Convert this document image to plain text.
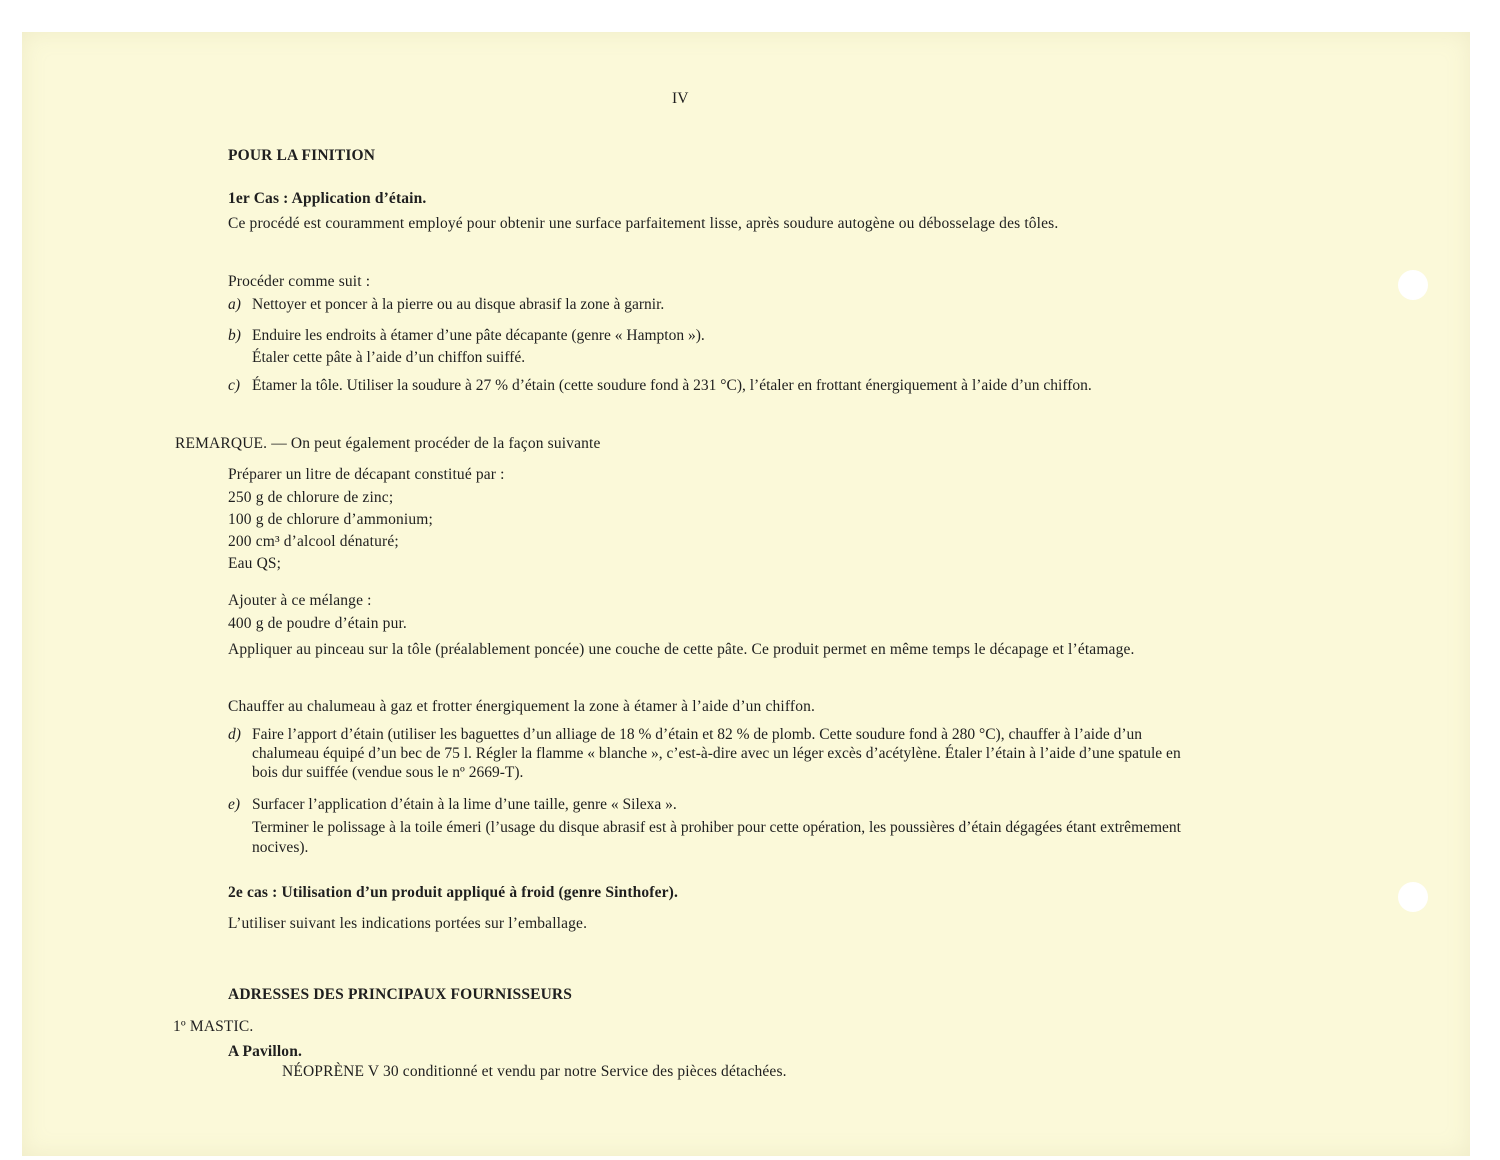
IV

POUR LA FINITION

1er Cas : Application d’étain.

Ce procédé est couramment employé pour obtenir une surface parfaitement lisse, après soudure autogène ou débosselage des tôles.

Procéder comme suit :

a) Nettoyer et poncer à la pierre ou au disque abrasif la zone à garnir.
b) Enduire les endroits à étamer d’une pâte décapante (genre « Hampton »).
Étaler cette pâte à l’aide d’un chiffon suiffé.
c) Étamer la tôle. Utiliser la soudure à 27 % d’étain (cette soudure fond à 231 °C), l’étaler en frottant énergiquement à l’aide d’un chiffon.

REMARQUE. — On peut également procéder de la façon suivante

Préparer un litre de décapant constitué par :

250 g de chlorure de zinc;

100 g de chlorure d’ammonium;

200 cm³ d’alcool dénaturé;

Eau QS;

Ajouter à ce mélange :

400 g de poudre d’étain pur.

Appliquer au pinceau sur la tôle (préalablement poncée) une couche de cette pâte. Ce produit permet en même temps le décapage et l’étamage.

Chauffer au chalumeau à gaz et frotter énergiquement la zone à étamer à l’aide d’un chiffon.

d) Faire l’apport d’étain (utiliser les baguettes d’un alliage de 18 % d’étain et 82 % de plomb. Cette soudure fond à 280 °C), chauffer à l’aide d’un chalumeau équipé d’un bec de 75 l. Régler la flamme « blanche », c’est-à-dire avec un léger excès d’acétylène. Étaler l’étain à l’aide d’une spatule en bois dur suiffée (vendue sous le nº 2669-T).
e) Surfacer l’application d’étain à la lime d’une taille, genre « Silexa ».
Terminer le polissage à la toile émeri (l’usage du disque abrasif est à prohiber pour cette opération, les poussières d’étain dégagées étant extrêmement nocives).

2e cas : Utilisation d’un produit appliqué à froid (genre Sinthofer).

L’utiliser suivant les indications portées sur l’emballage.

ADRESSES DES PRINCIPAUX FOURNISSEURS

1º MASTIC.

A Pavillon.

NÉOPRÈNE V 30 conditionné et vendu par notre Service des pièces détachées.
